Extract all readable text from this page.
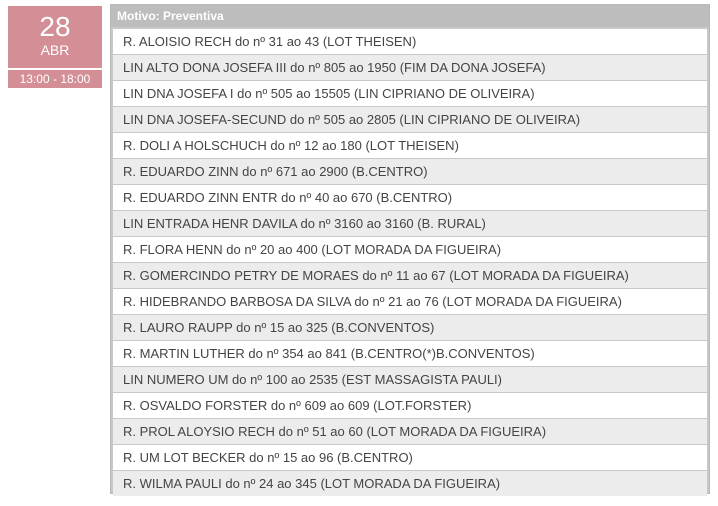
28
ABR
13:00 - 18:00
Motivo: Preventiva
R. ALOISIO RECH do nº 31 ao 43 (LOT THEISEN)
LIN ALTO DONA JOSEFA III do nº 805 ao 1950 (FIM DA DONA JOSEFA)
LIN DNA JOSEFA I do nº 505 ao 15505 (LIN CIPRIANO DE OLIVEIRA)
LIN DNA JOSEFA-SECUND do nº 505 ao 2805 (LIN CIPRIANO DE OLIVEIRA)
R. DOLI A HOLSCHUCH do nº 12 ao 180 (LOT THEISEN)
R. EDUARDO ZINN do nº 671 ao 2900 (B.CENTRO)
R. EDUARDO ZINN ENTR do nº 40 ao 670 (B.CENTRO)
LIN ENTRADA HENR DAVILA do nº 3160 ao 3160 (B. RURAL)
R. FLORA HENN do nº 20 ao 400 (LOT MORADA DA FIGUEIRA)
R. GOMERCINDO PETRY DE MORAES do nº 11 ao 67 (LOT MORADA DA FIGUEIRA)
R. HIDEBRANDO BARBOSA DA SILVA do nº 21 ao 76 (LOT MORADA DA FIGUEIRA)
R. LAURO RAUPP do nº 15 ao 325 (B.CONVENTOS)
R. MARTIN LUTHER do nº 354 ao 841 (B.CENTRO(*)B.CONVENTOS)
LIN NUMERO UM do nº 100 ao 2535 (EST MASSAGISTA PAULI)
R. OSVALDO FORSTER do nº 609 ao 609 (LOT.FORSTER)
R. PROL ALOYSIO RECH do nº 51 ao 60 (LOT MORADA DA FIGUEIRA)
R. UM LOT BECKER do nº 15 ao 96 (B.CENTRO)
R. WILMA PAULI do nº 24 ao 345 (LOT MORADA DA FIGUEIRA)
